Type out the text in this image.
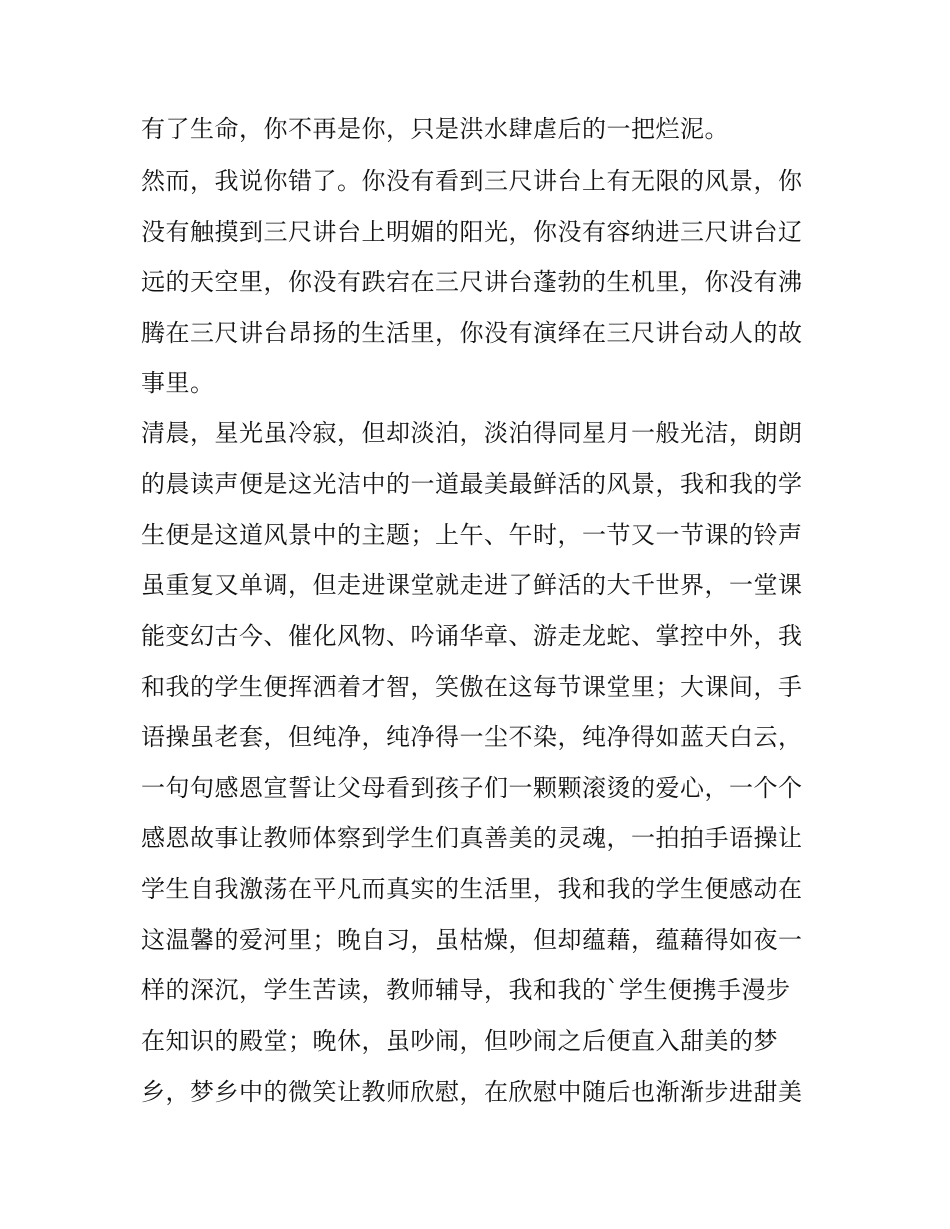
有了生命，你不再是你，只是洪水肆虐后的一把烂泥。
然而，我说你错了。你没有看到三尺讲台上有无限的风景，你
没有触摸到三尺讲台上明媚的阳光，你没有容纳进三尺讲台辽
远的天空里，你没有跌宕在三尺讲台蓬勃的生机里，你没有沸
腾在三尺讲台昂扬的生活里，你没有演绎在三尺讲台动人的故
事里。
清晨，星光虽冷寂，但却淡泊，淡泊得同星月一般光洁，朗朗
的晨读声便是这光洁中的一道最美最鲜活的风景，我和我的学
生便是这道风景中的主题；上午、午时，一节又一节课的铃声
虽重复又单调，但走进课堂就走进了鲜活的大千世界，一堂课
能变幻古今、催化风物、吟诵华章、游走龙蛇、掌控中外，我
和我的学生便挥洒着才智，笑傲在这每节课堂里；大课间，手
语操虽老套，但纯净，纯净得一尘不染，纯净得如蓝天白云，
一句句感恩宣誓让父母看到孩子们一颗颗滚烫的爱心，一个个
感恩故事让教师体察到学生们真善美的灵魂，一拍拍手语操让
学生自我激荡在平凡而真实的生活里，我和我的学生便感动在
这温馨的爱河里；晚自习，虽枯燥，但却蕴藉，蕴藉得如夜一
样的深沉，学生苦读，教师辅导，我和我的`学生便携手漫步
在知识的殿堂；晚休，虽吵闹，但吵闹之后便直入甜美的梦
乡，梦乡中的微笑让教师欣慰，在欣慰中随后也渐渐步进甜美
